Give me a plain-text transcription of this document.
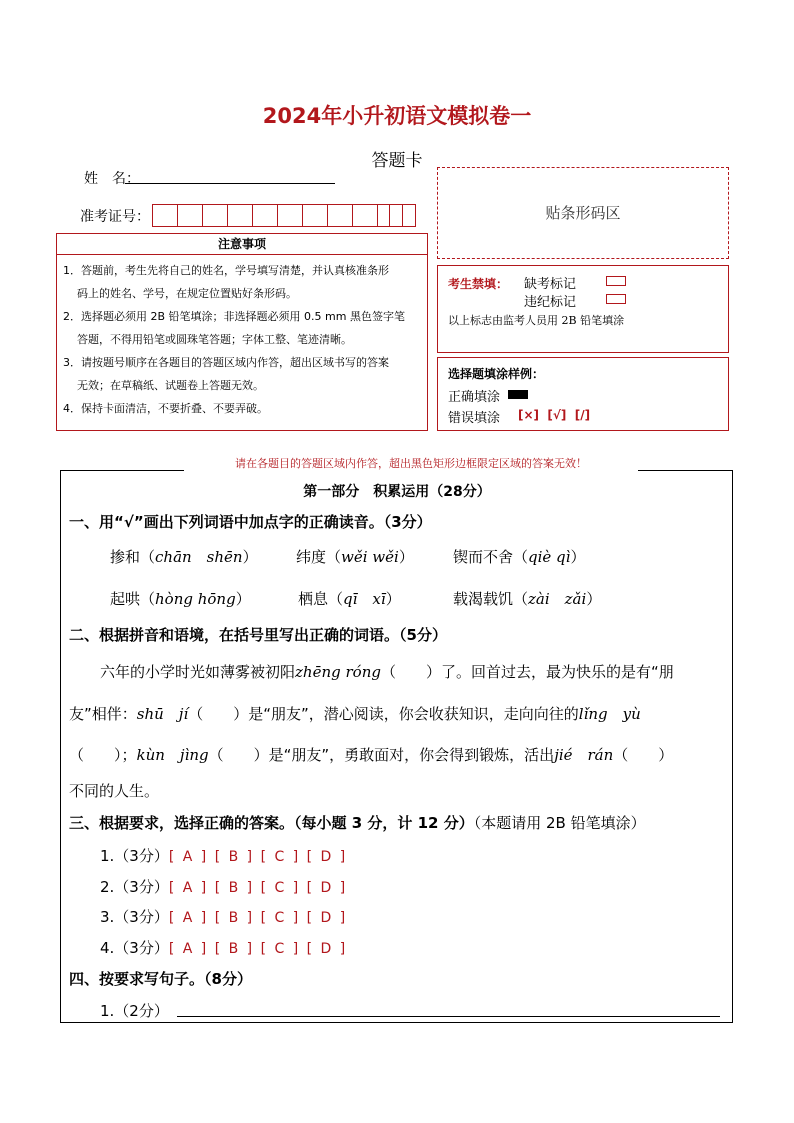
2024年小升初语文模拟卷一
答题卡
姓　名：
准考证号：	贴条形码区
注意事项
1．答题前，考生先将自己的姓名，学号填写清楚，并认真核准条形
码上的姓名、学号，在规定位置贴好条形码。
2．选择题必须用 2B 铅笔填涂；非选择题必须用 0.5 mm 黑色签字笔
答题，不得用铅笔或圆珠笔答题；字体工整、笔迹清晰。
3．请按题号顺序在各题目的答题区域内作答，超出区域书写的答案
无效；在草稿纸、试题卷上答题无效。
4．保持卡面清洁，不要折叠、不要弄破。
考生禁填： 缺考标记
违纪标记
以上标志由监考人员用 2B 铅笔填涂
选择题填涂样例：
正确填涂
错误填涂 [×]  [√]  [/]
请在各题目的答题区域内作答，超出黑色矩形边框限定区域的答案无效！
第一部分　积累运用（28分）
一、用“√”画出下列词语中加点字的正确读音。（3分）
掺和（chān　shēn）	纬度（wěi wěi）	锲而不舍（qiè qì）
起哄（hòng hōng）	栖息（qī　xī）	载渴载饥（zài　zǎi）
二、根据拼音和语境，在括号里写出正确的词语。（5分）
六年的小学时光如薄雾被初阳zhēng róng（　　）了。回首过去，最为快乐的是有“朋
友”相伴：shū　jí（　　）是“朋友”，潜心阅读，你会收获知识，走向向往的lǐng　yù
（　　）；kùn　jìng（　　）是“朋友”，勇敢面对，你会得到锻炼，活出jié　rán（　　）
不同的人生。
三、根据要求，选择正确的答案。（每小题 3 分，计 12 分）（本题请用 2B 铅笔填涂）
1.（3分）[ A ] [ B ] [ C ] [ D ]
2.（3分）[ A ] [ B ] [ C ] [ D ]
3.（3分）[ A ] [ B ] [ C ] [ D ]
4.（3分）[ A ] [ B ] [ C ] [ D ]
四、按要求写句子。（8分）
1.（2分）
